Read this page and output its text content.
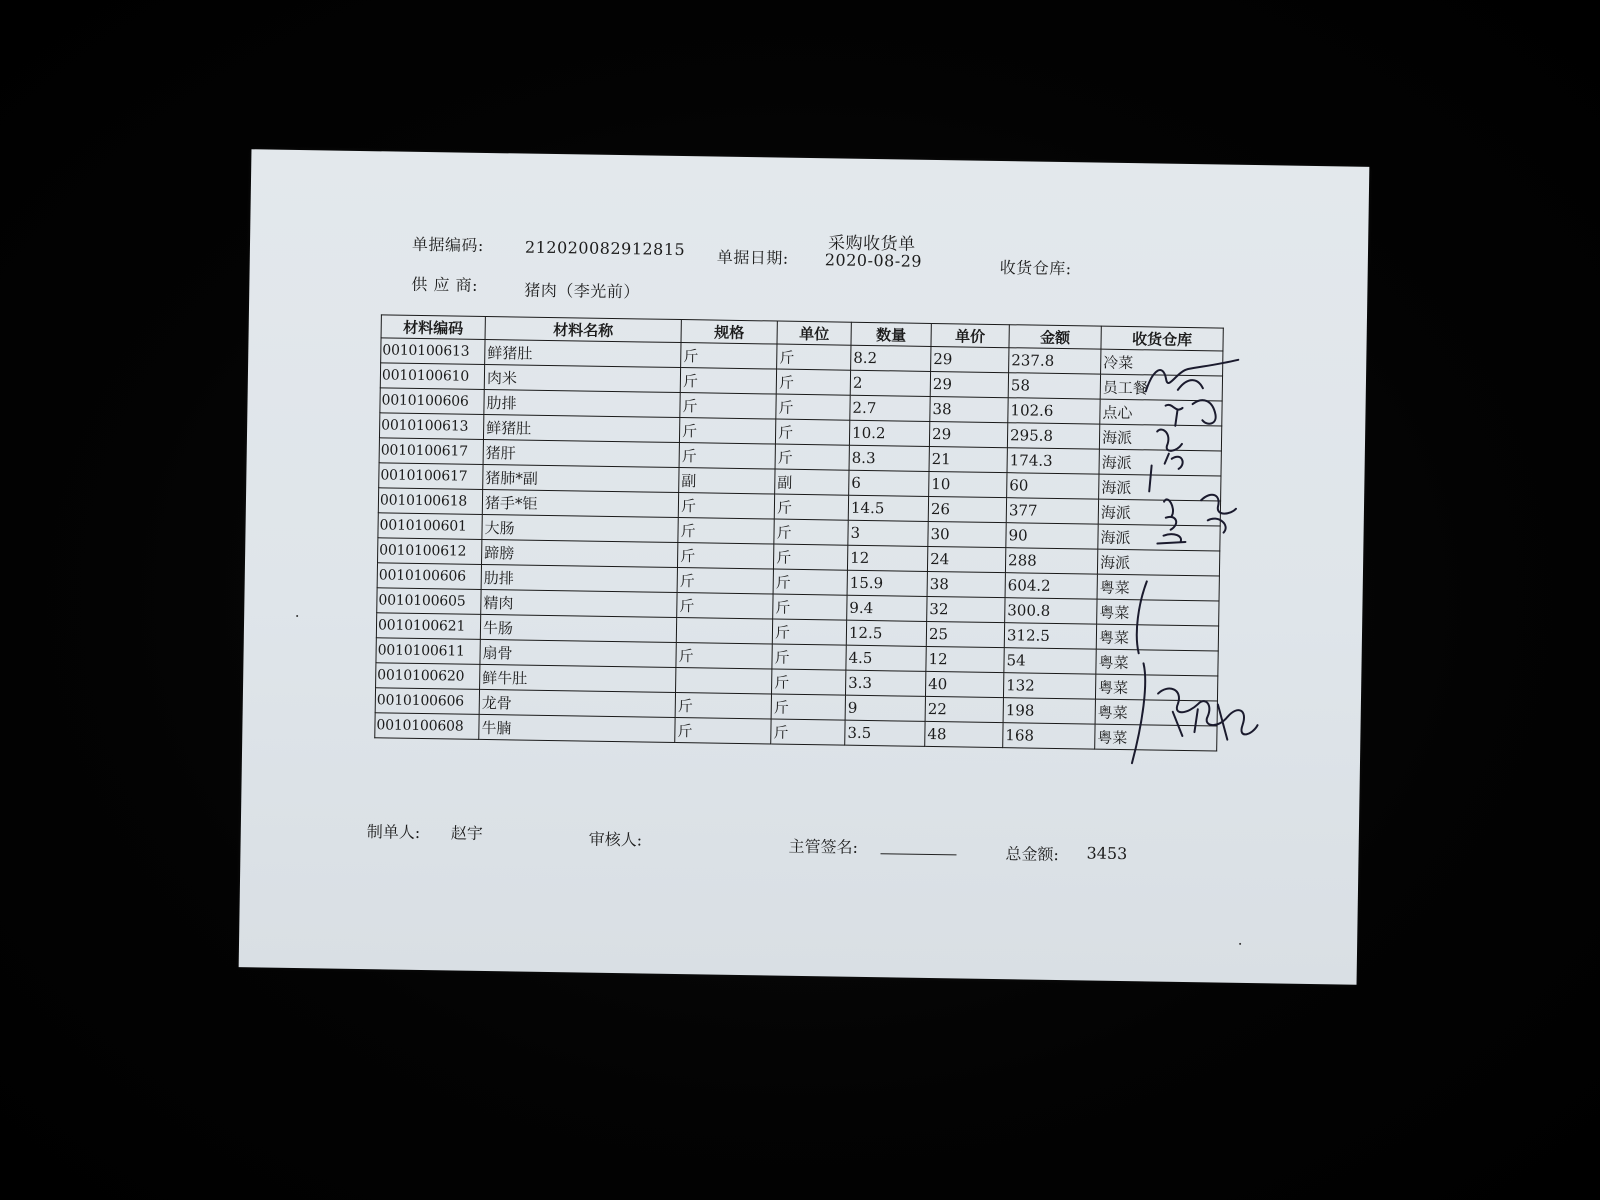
采购收货单
单据编码:	212020082912815 单据日期: 2020-08-29	收货仓库:
供 应 商:	猪肉（李光前）
材料编码	材料名称	规格	单位	数量	单价	金额	收货仓库
0010100613	鲜猪肚	斤	斤	8.2	29	237.8	冷菜
0010100610	肉米	斤	斤	2	29	58	员工餐
0010100606	肋排	斤	斤	2.7	38	102.6	点心
0010100613	鲜猪肚	斤	斤	10.2	29	295.8	海派
0010100617	猪肝	斤	斤	8.3	21	174.3	海派
0010100617	猪肺*副	副	副	6	10	60	海派
0010100618	猪手*钜	斤	斤	14.5	26	377	海派
0010100601	大肠	斤	斤	3	30	90	海派
0010100612	蹄膀	斤	斤	12	24	288	海派
0010100606	肋排	斤	斤	15.9	38	604.2	粤菜
0010100605	精肉	斤	斤	9.4	32	300.8	粤菜
0010100621	牛肠		斤	12.5	25	312.5	粤菜
0010100611	扇骨	斤	斤	4.5	12	54	粤菜
0010100620	鲜牛肚		斤	3.3	40	132	粤菜
0010100606	龙骨	斤	斤	9	22	198	粤菜
0010100608	牛腩	斤	斤	3.5	48	168	粤菜
制单人: 赵宇	审核人:	主管签名:	总金额: 3453
